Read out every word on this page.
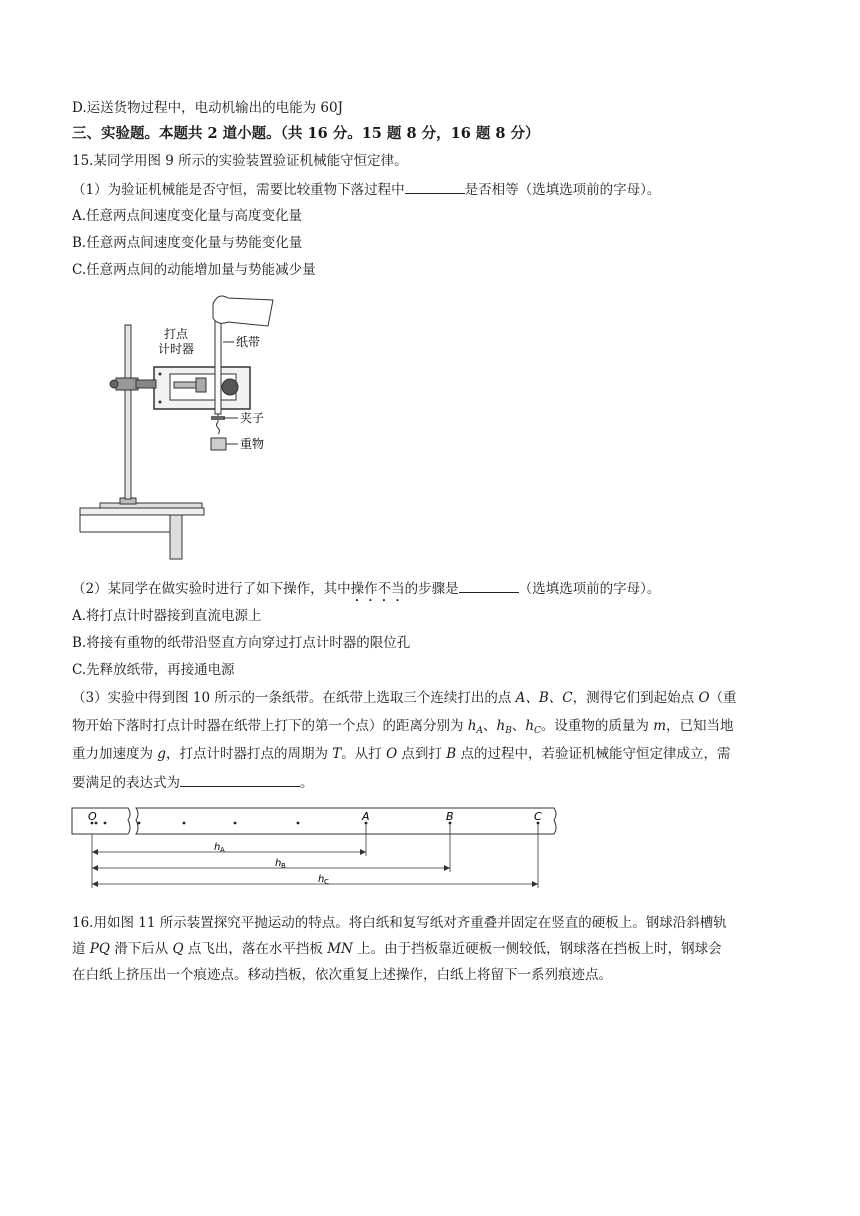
D.运送货物过程中，电动机输出的电能为 60J
三、实验题。本题共 2 道小题。（共 16 分。15 题 8 分，16 题 8 分）
15.某同学用图 9 所示的实验装置验证机械能守恒定律。
（1）为验证机械能是否守恒，需要比较重物下落过程中	是否相等（选填选项前的字母）。
A.任意两点间速度变化量与高度变化量
B.任意两点间速度变化量与势能变化量
C.任意两点间的动能增加量与势能减少量
打点
计时器	纸带
夹子
重物
（2）某同学在做实验时进行了如下操作，其中操作不当的步骤是	（选填选项前的字母）。
A.将打点计时器接到直流电源上
B.将接有重物的纸带沿竖直方向穿过打点计时器的限位孔
C.先释放纸带，再接通电源
（3）实验中得到图 10 所示的一条纸带。在纸带上选取三个连续打出的点 A、B、C，测得它们到起始点 O（重
物开始下落时打点计时器在纸带上打下的第一个点）的距离分别为 $h_A$、$h_B$、$h_C$。设重物的质量为 m，已知当地
重力加速度为 g，打点计时器打点的周期为 T。从打 O 点到打 B 点的过程中，若验证机械能守恒定律成立，需
要满足的表达式为	。
O	A	B	C
h A
h B
h C
16.用如图 11 所示装置探究平抛运动的特点。将白纸和复写纸对齐重叠并固定在竖直的硬板上。钢球沿斜槽轨
道 PQ 滑下后从 Q 点飞出，落在水平挡板 MN 上。由于挡板靠近硬板一侧较低，钢球落在挡板上时，钢球会
在白纸上挤压出一个痕迹点。移动挡板，依次重复上述操作，白纸上将留下一系列痕迹点。
